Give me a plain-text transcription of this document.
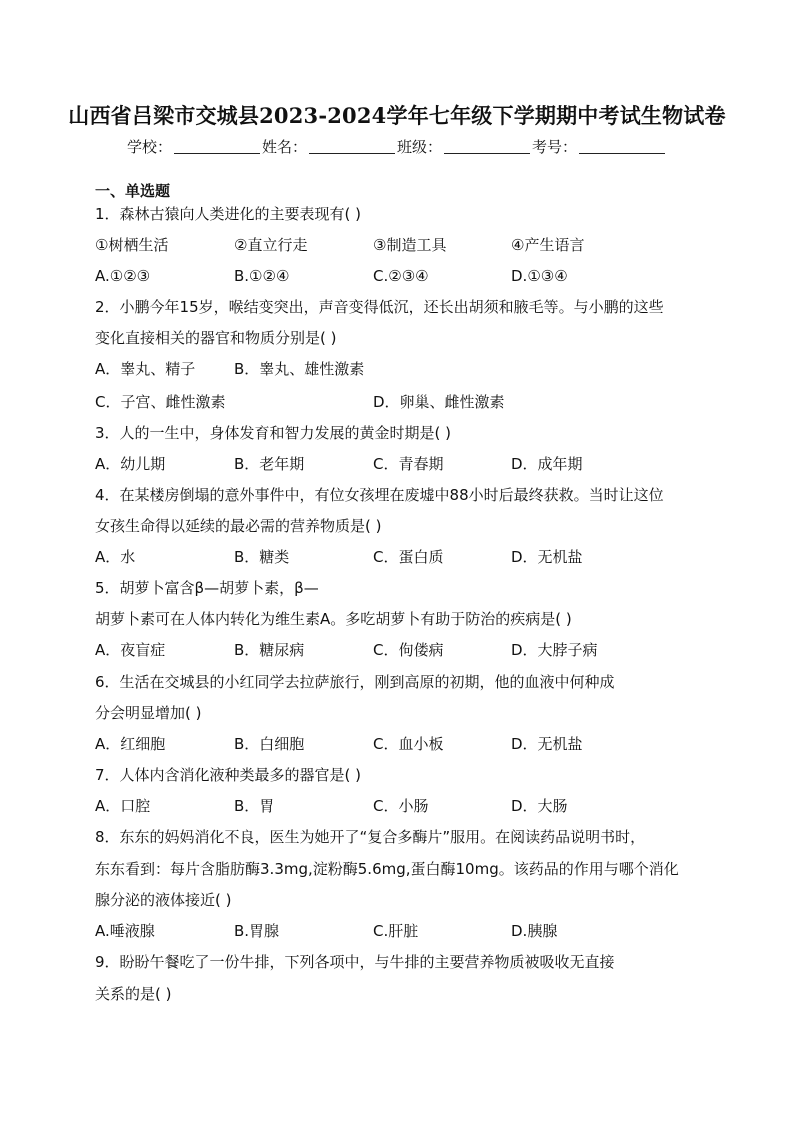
山西省吕梁市交城县2023-2024学年七年级下学期期中考试生物试卷
学校：	姓名：	班级：	考号：
一、单选题
1．森林古猿向人类进化的主要表现有( )
①树栖生活	②直立行走	③制造工具	④产生语言
A.①②③	B.①②④	C.②③④	D.①③④
2．小鹏今年15岁，喉结变突出，声音变得低沉，还长出胡须和腋毛等。与小鹏的这些
变化直接相关的器官和物质分别是( )
A．睾丸、精子	B．睾丸、雄性激素
C．子宫、雌性激素	D．卵巢、雌性激素
3．人的一生中，身体发育和智力发展的黄金时期是( )
A．幼儿期	B．老年期	C．青春期	D．成年期
4．在某楼房倒塌的意外事件中，有位女孩埋在废墟中88小时后最终获救。当时让这位
女孩生命得以延续的最必需的营养物质是( )
A．水	B．糖类	C．蛋白质	D．无机盐
5．胡萝卜富含β—胡萝卜素，β—
胡萝卜素可在人体内转化为维生素A。多吃胡萝卜有助于防治的疾病是( )
A．夜盲症	B．糖尿病	C．佝偻病	D．大脖子病
6．生活在交城县的小红同学去拉萨旅行，刚到高原的初期，他的血液中何种成
分会明显增加( )
A．红细胞	B．白细胞	C．血小板	D．无机盐
7．人体内含消化液种类最多的器官是( )
A．口腔	B．胃	C．小肠	D．大肠
8．东东的妈妈消化不良，医生为她开了“复合多酶片”服用。在阅读药品说明书时，
东东看到：每片含脂肪酶3.3mg,淀粉酶5.6mg,蛋白酶10mg。该药品的作用与哪个消化
腺分泌的液体接近( )
A.唾液腺	B.胃腺	C.肝脏	D.胰腺
9．盼盼午餐吃了一份牛排，下列各项中，与牛排的主要营养物质被吸收无直接
关系的是( )
